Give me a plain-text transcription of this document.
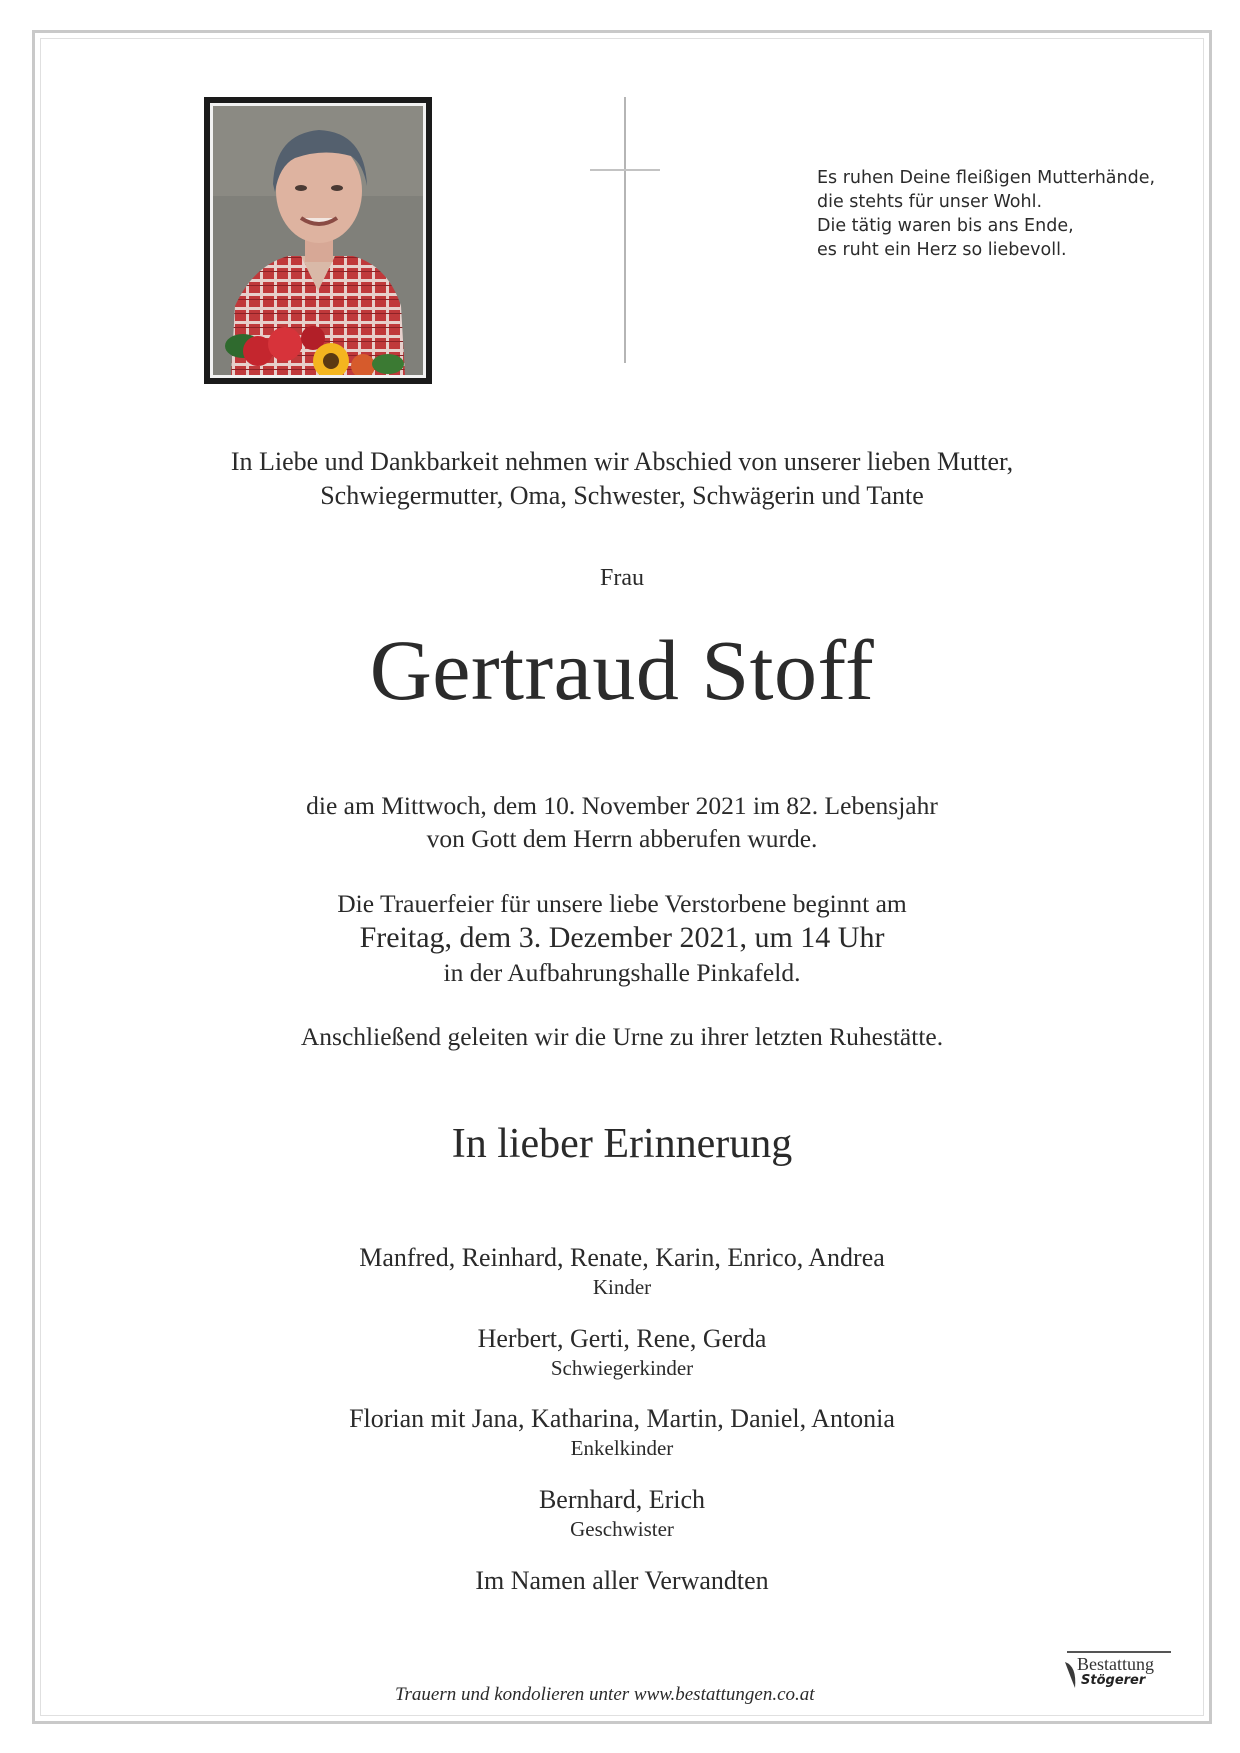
Es ruhen Deine fleißigen Mutterhände,
die stehts für unser Wohl.
Die tätig waren bis ans Ende,
es ruht ein Herz so liebevoll.
In Liebe und Dankbarkeit nehmen wir Abschied von unserer lieben Mutter,
Schwiegermutter, Oma, Schwester, Schwägerin und Tante
Frau
Gertraud Stoff
die am Mittwoch, dem 10. November 2021 im 82. Lebensjahr
von Gott dem Herrn abberufen wurde.
Die Trauerfeier für unsere liebe Verstorbene beginnt am
Freitag, dem 3. Dezember 2021, um 14 Uhr
in der Aufbahrungshalle Pinkafeld.
Anschließend geleiten wir die Urne zu ihrer letzten Ruhestätte.
In lieber Erinnerung
Manfred, Reinhard, Renate, Karin, Enrico, Andrea
Kinder
Herbert, Gerti, Rene, Gerda
Schwiegerkinder
Florian mit Jana, Katharina, Martin, Daniel, Antonia
Enkelkinder
Bernhard, Erich
Geschwister
Im Namen aller Verwandten
Trauern und kondolieren unter www.bestattungen.co.at
Bestattung
Stögerer
